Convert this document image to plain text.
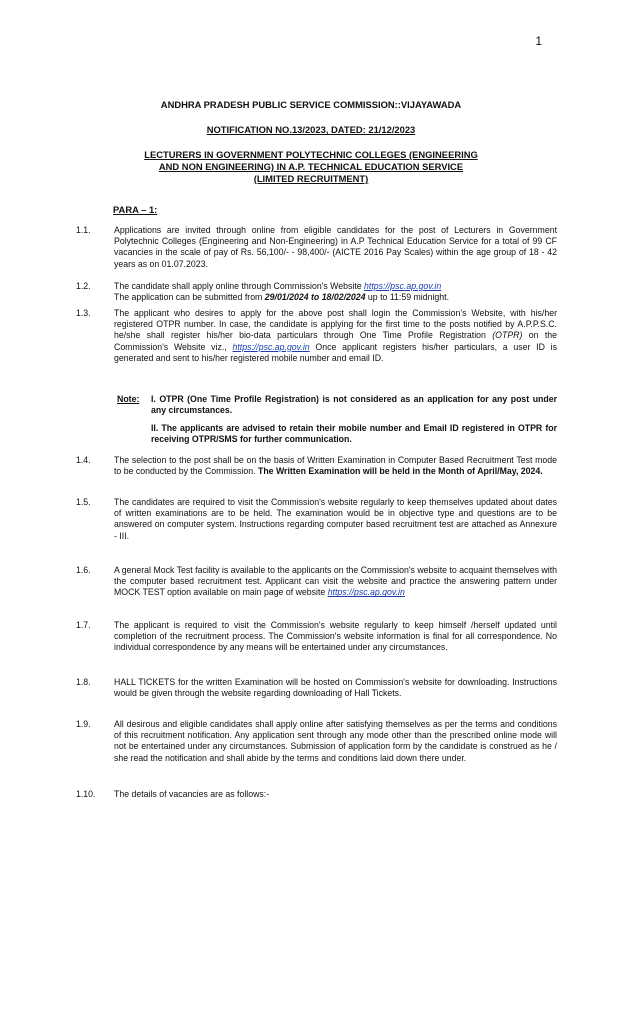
1
ANDHRA PRADESH PUBLIC SERVICE COMMISSION::VIJAYAWADA
NOTIFICATION NO.13/2023, DATED: 21/12/2023
LECTURERS IN GOVERNMENT POLYTECHNIC COLLEGES (ENGINEERING
AND NON ENGINEERING) IN A.P. TECHNICAL EDUCATION SERVICE
(LIMITED RECRUITMENT)
PARA – 1:
1.1.	Applications are invited through online from eligible candidates for the post of Lecturers in Government Polytechnic Colleges (Engineering and Non-Engineering) in A.P Technical Education Service for a total of 99 CF vacancies in the scale of pay of Rs. 56,100/- - 98,400/- (AICTE 2016 Pay Scales) within the age group of 18 - 42 years as on 01.07.2023.
1.2.	The candidate shall apply online through Commission's Website https://psc.ap.gov.in
The application can be submitted from 29/01/2024 to 18/02/2024 up to 11:59 midnight.
1.3.	The applicant who desires to apply for the above post shall login the Commission's Website, with his/her registered OTPR number. In case, the candidate is applying for the first time to the posts notified by A.P.P.S.C. he/she shall register his/her bio-data particulars through One Time Profile Registration (OTPR) on the Commission's Website viz., https://psc.ap.gov.in Once applicant registers his/her particulars, a user ID is generated and sent to his/her registered mobile number and email ID.
Note: I. OTPR (One Time Profile Registration) is not considered as an application for any post under any circumstances.
II. The applicants are advised to retain their mobile number and Email ID registered in OTPR for receiving OTPR/SMS for further communication.
1.4.	The selection to the post shall be on the basis of Written Examination in Computer Based Recruitment Test mode to be conducted by the Commission. The Written Examination will be held in the Month of April/May, 2024.
1.5.	The candidates are required to visit the Commission's website regularly to keep themselves updated about dates of written examinations are to be held. The examination would be in objective type and questions are to be answered on computer system. Instructions regarding computer based recruitment test are attached as Annexure - III.
1.6.	A general Mock Test facility is available to the applicants on the Commission's website to acquaint themselves with the computer based recruitment test. Applicant can visit the website and practice the answering pattern under MOCK TEST option available on main page of website https://psc.ap.gov.in
1.7.	The applicant is required to visit the Commission's website regularly to keep himself /herself updated until completion of the recruitment process. The Commission's website information is final for all correspondence. No individual correspondence by any means will be entertained under any circumstances.
1.8.	HALL TICKETS for the written Examination will be hosted on Commission's website for downloading. Instructions would be given through the website regarding downloading of Hall Tickets.
1.9.	All desirous and eligible candidates shall apply online after satisfying themselves as per the terms and conditions of this recruitment notification. Any application sent through any mode other than the prescribed online mode will not be entertained under any circumstances. Submission of application form by the candidate is construed as he / she read the notification and shall abide by the terms and conditions laid down there under.
1.10.	The details of vacancies are as follows:-
